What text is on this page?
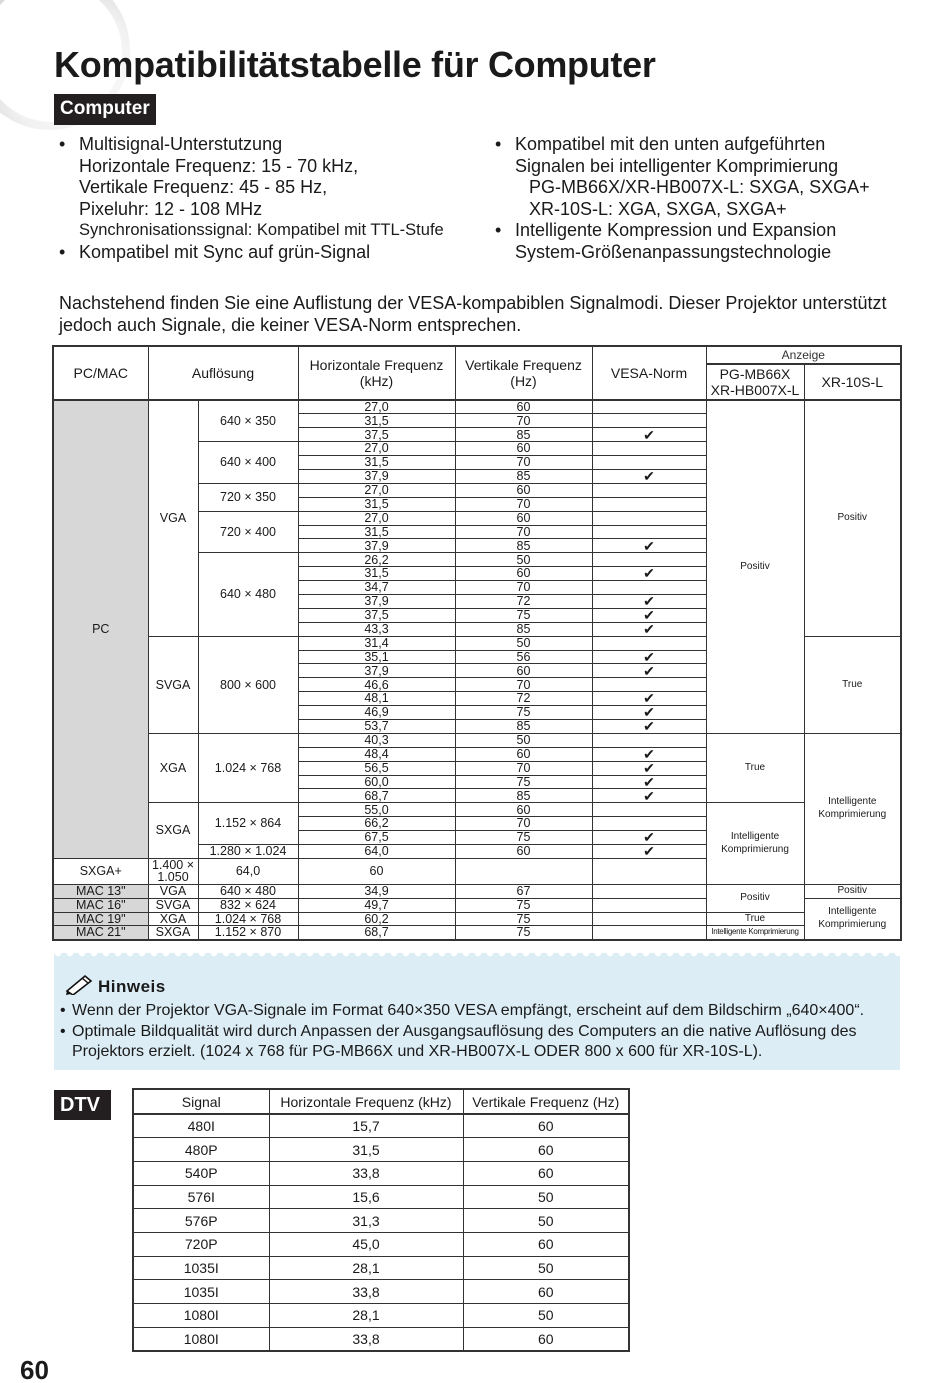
Kompatibilitätstabelle für Computer
Computer
• Multisignal-Unterstutzung
Horizontale Frequenz: 15 - 70 kHz,
Vertikale Frequenz: 45 - 85 Hz,
Pixeluhr: 12 - 108 MHz
Synchronisationssignal: Kompatibel mit TTL-Stufe
• Kompatibel mit Sync auf grün-Signal
• Kompatibel mit den unten aufgeführten
Signalen bei intelligenter Komprimierung
PG-MB66X/XR-HB007X-L: SXGA, SXGA+
XR-10S-L: XGA, SXGA, SXGA+
• Intelligente Kompression und Expansion
System-Größenanpassungstechnologie

Nachstehend finden Sie eine Auflistung der VESA-kompabiblen Signalmodi. Dieser Projektor unterstützt jedoch auch Signale, die keiner VESA-Norm entsprechen.

PC/MAC	Auflösung		Horizontale Frequenz (kHz)	Vertikale Frequenz (Hz)	VESA-Norm	Anzeige	
						PG-MB66X XR-HB007X-L	XR-10S-L
PC	VGA	640 × 350	27,0	60		Positiv	Positiv
			31,5	70			
			37,5	85	✔		
		640 × 400	27,0	60			
			31,5	70			
			37,9	85	✔		
		720 × 350	27,0	60			
			31,5	70			
		720 × 400	27,0	60			
			31,5	70			
			37,9	85	✔		
		640 × 480	26,2	50			
			31,5	60	✔		
			34,7	70			
			37,9	72	✔		
			37,5	75	✔		
			43,3	85	✔		
	SVGA	800 × 600	31,4	50			True
			35,1	56	✔		
			37,9	60	✔		
			46,6	70			
			48,1	72	✔		
			46,9	75	✔		
			53,7	85	✔		
	XGA	1.024 × 768	40,3	50		True	Intelligente Komprimierung
			48,4	60	✔		
			56,5	70	✔		
			60,0	75	✔		
			68,7	85	✔		
	SXGA	1.152 × 864	55,0	60		Intelligente Komprimierung	
			66,2	70			
			67,5	75	✔		
		1.280 × 1.024	64,0	60	✔		
SXGA+	1.400 × 1.050	64,0	60				
MAC 13"	VGA	640 × 480	34,9	67		Positiv	Positiv
MAC 16"	SVGA	832 × 624	49,7	75			Intelligente Komprimierung
MAC 19"	XGA	1.024 × 768	60,2	75		True	
MAC 21"	SXGA	1.152 × 870	68,7	75		Intelligente Komprimierung	
Hinweis
• Wenn der Projektor VGA-Signale im Format 640×350 VESA empfängt, erscheint auf dem Bildschirm „640×400“.
• Optimale Bildqualität wird durch Anpassen der Ausgangsauflösung des Computers an die native Auflösung des Projektors erzielt. (1024 x 768 für PG-MB66X und XR-HB007X-L ODER 800 x 600 für XR-10S-L).
DTV	Signal	Horizontale Frequenz (kHz)	Vertikale Frequenz (Hz)
480I	15,7	60
480P	31,5	60
540P	33,8	60
576I	15,6	50
576P	31,3	50
720P	45,0	60
1035I	28,1	50
1035I	33,8	60
1080I	28,1	50
1080I	33,8	60
60
